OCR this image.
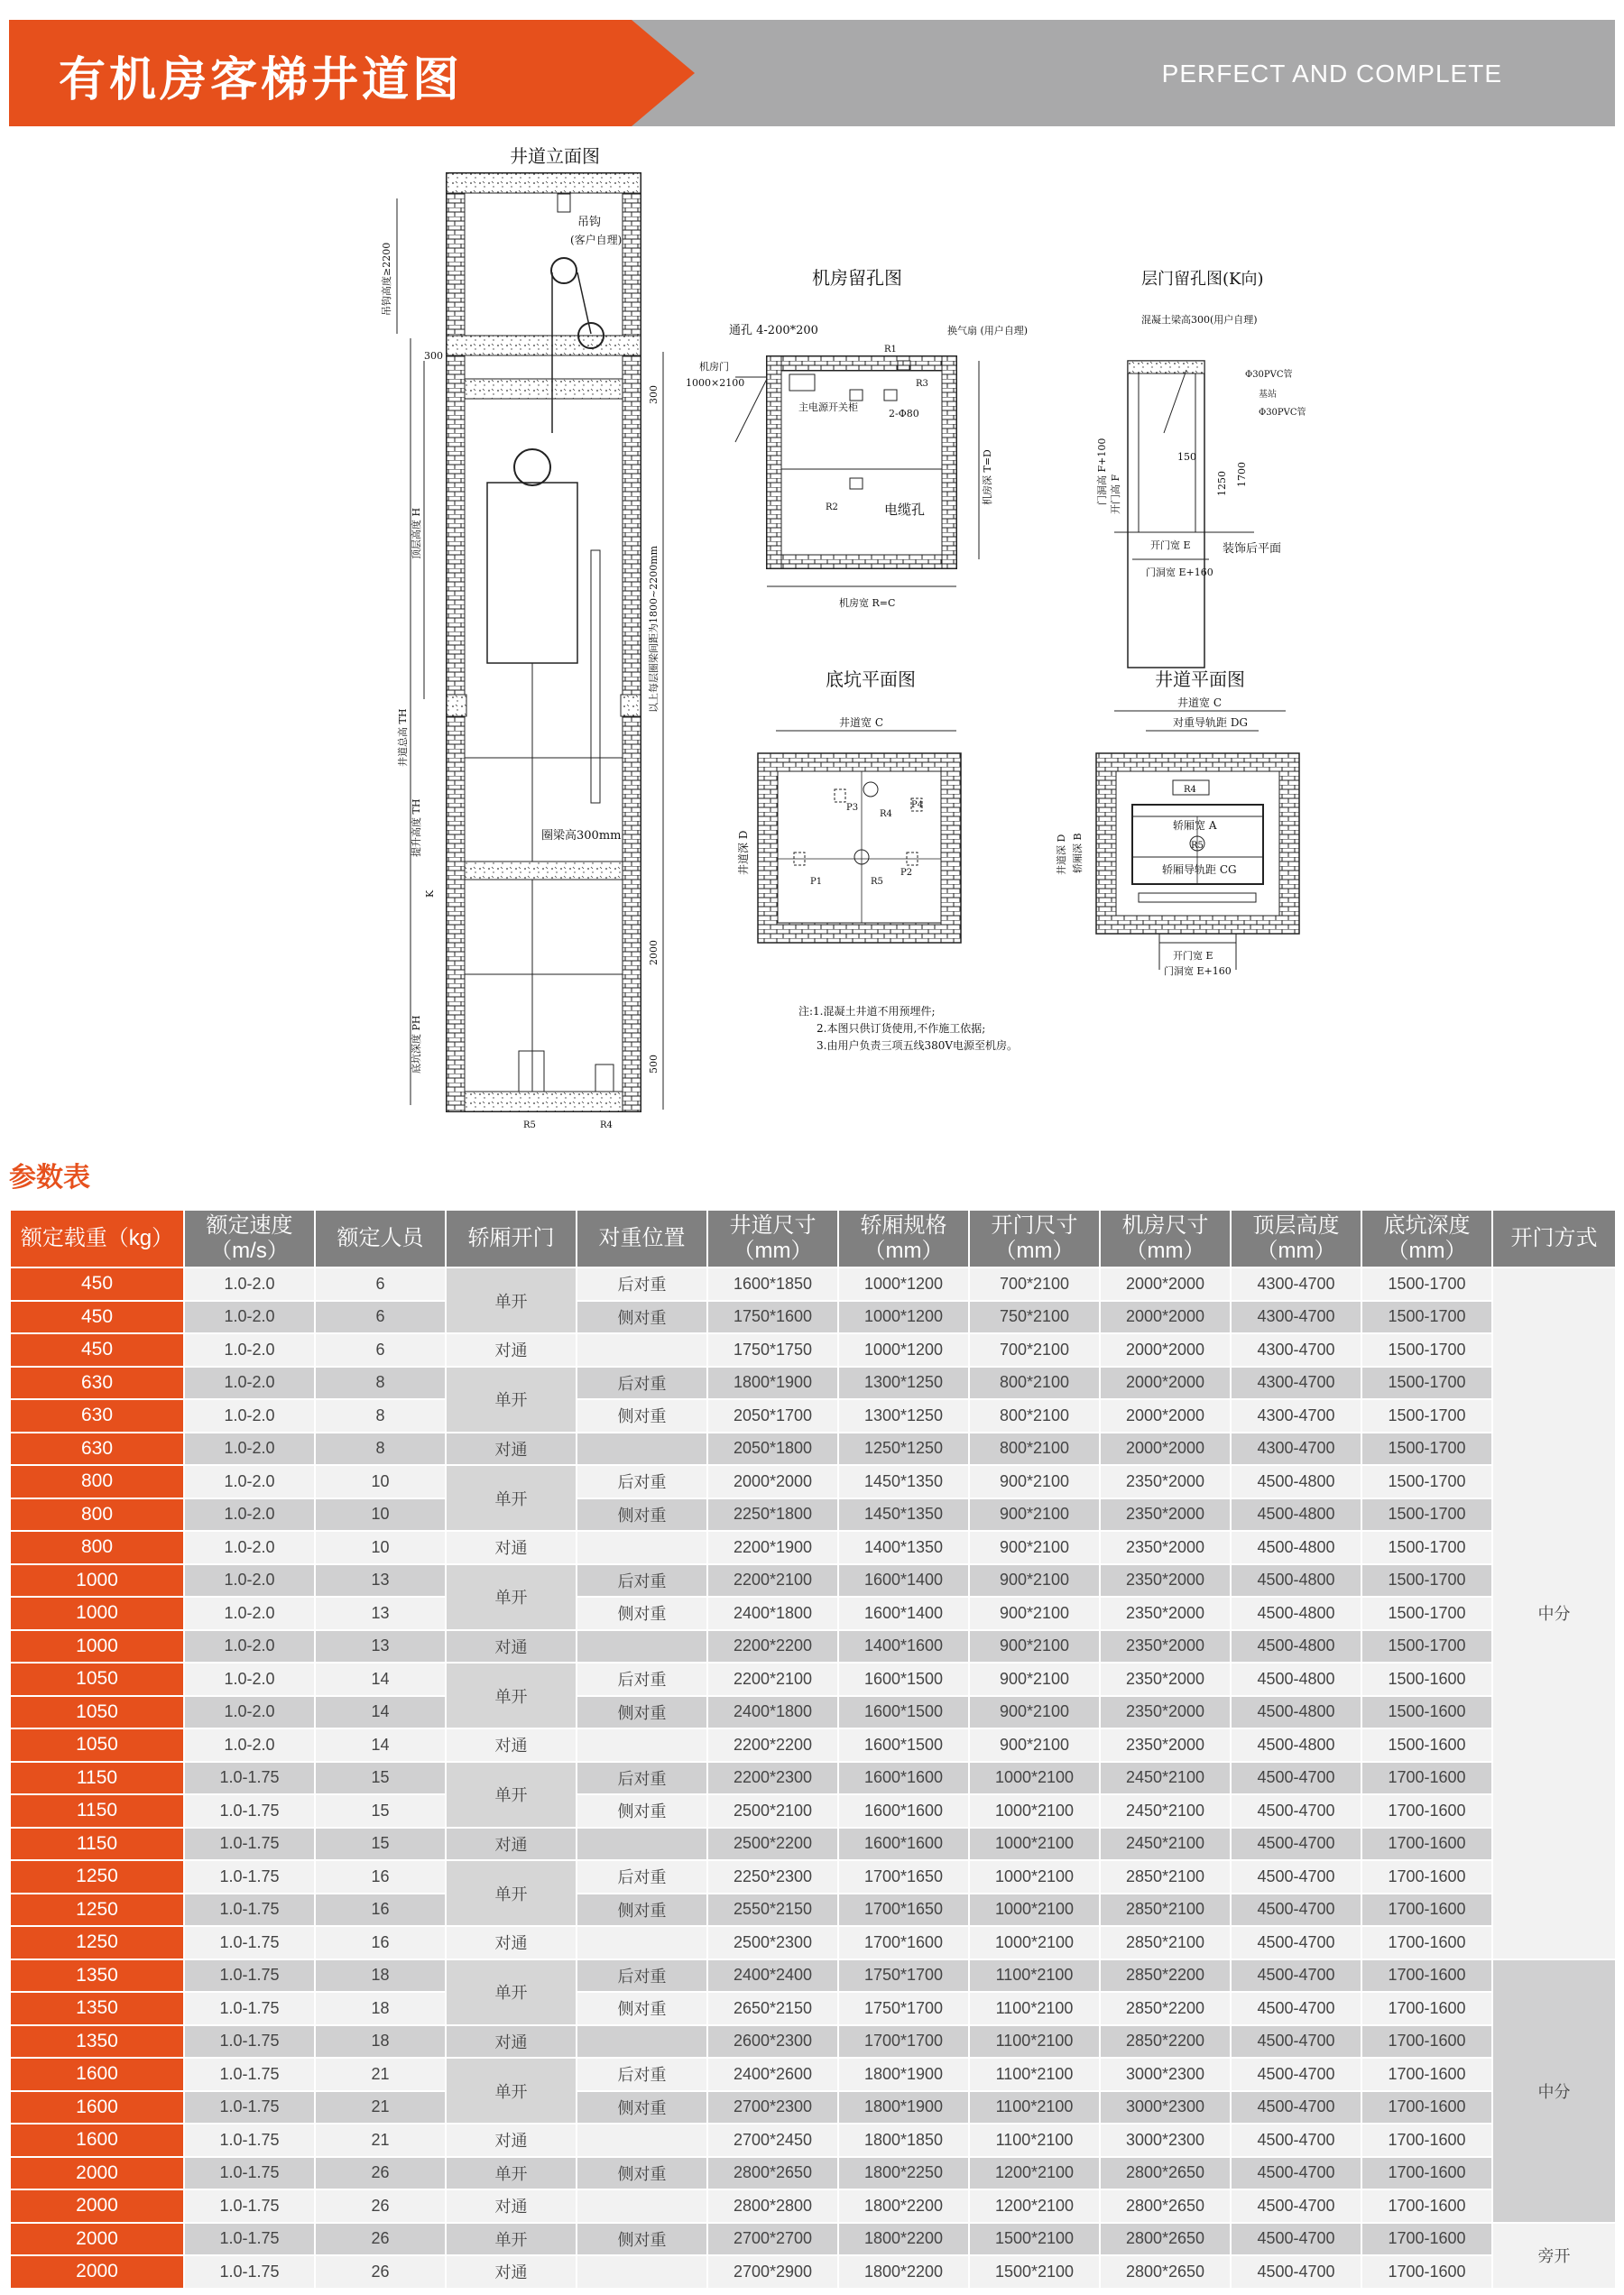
有机房客梯井道图	PERFECT AND COMPLETE
井道立面图
吊钩
(客户自理)
圈梁高300mm
吊钩高度≥2200
顶层高度 H
井道总高 TH
提升高度 TH
底坑深度 PH
300
K
300
以上每层圈梁间距为1800~2200mm
2000
500
R5	R4
机房留孔图
通孔 4-200*200	换气扇 (用户自理)
机房门
1000×2100
主电源开关柜
2-Φ80
电缆孔
机房宽 R=C
机房深 T=D
R1
R2
R3
层门留孔图(K向)
混凝土梁高300(用户自理)
Φ30PVC管
基站
Φ30PVC管
开门高 F
门洞高 F+100	150
1250 1700
开门宽 E
门洞宽 E+160
装饰后平面
底坑平面图
井道宽 C
井道深 D
P1
P2
P3	P4
R4
R5
井道平面图
井道宽 C
对重导轨距 DG
轿厢宽 A
轿厢导轨距 CG
井道深 D 轿厢深 B
开门宽 E
门洞宽 E+160
R4
R5
注:1.混凝土井道不用预埋件;
2.本图只供订货使用,不作施工依据;
3.由用户负责三项五线380V电源至机房。
参数表
额定载重（kg）	额定速度（m/s）	额定人员	轿厢开门	对重位置	井道尺寸（mm）	轿厢规格（mm）	开门尺寸（mm）	机房尺寸（mm）	顶层高度（mm）	底坑深度（mm）	开门方式
450	1.0-2.0	6	单开	后对重	1600*1850	1000*1200	700*2100	2000*2000	4300-4700	1500-1700	中分
450	1.0-2.0	6		侧对重	1750*1600	1000*1200	750*2100	2000*2000	4300-4700	1500-1700	
450	1.0-2.0	6	对通		1750*1750	1000*1200	700*2100	2000*2000	4300-4700	1500-1700	
630	1.0-2.0	8	单开	后对重	1800*1900	1300*1250	800*2100	2000*2000	4300-4700	1500-1700	
630	1.0-2.0	8		侧对重	2050*1700	1300*1250	800*2100	2000*2000	4300-4700	1500-1700	
630	1.0-2.0	8	对通		2050*1800	1250*1250	800*2100	2000*2000	4300-4700	1500-1700	
800	1.0-2.0	10	单开	后对重	2000*2000	1450*1350	900*2100	2350*2000	4500-4800	1500-1700	
800	1.0-2.0	10		侧对重	2250*1800	1450*1350	900*2100	2350*2000	4500-4800	1500-1700	
800	1.0-2.0	10	对通		2200*1900	1400*1350	900*2100	2350*2000	4500-4800	1500-1700	
1000	1.0-2.0	13	单开	后对重	2200*2100	1600*1400	900*2100	2350*2000	4500-4800	1500-1700	
1000	1.0-2.0	13		侧对重	2400*1800	1600*1400	900*2100	2350*2000	4500-4800	1500-1700	
1000	1.0-2.0	13	对通		2200*2200	1400*1600	900*2100	2350*2000	4500-4800	1500-1700	
1050	1.0-2.0	14	单开	后对重	2200*2100	1600*1500	900*2100	2350*2000	4500-4800	1500-1600	
1050	1.0-2.0	14		侧对重	2400*1800	1600*1500	900*2100	2350*2000	4500-4800	1500-1600	
1050	1.0-2.0	14	对通		2200*2200	1600*1500	900*2100	2350*2000	4500-4800	1500-1600	
1150	1.0-1.75	15	单开	后对重	2200*2300	1600*1600	1000*2100	2450*2100	4500-4700	1700-1600	
1150	1.0-1.75	15		侧对重	2500*2100	1600*1600	1000*2100	2450*2100	4500-4700	1700-1600	
1150	1.0-1.75	15	对通		2500*2200	1600*1600	1000*2100	2450*2100	4500-4700	1700-1600	
1250	1.0-1.75	16	单开	后对重	2250*2300	1700*1650	1000*2100	2850*2100	4500-4700	1700-1600	
1250	1.0-1.75	16		侧对重	2550*2150	1700*1650	1000*2100	2850*2100	4500-4700	1700-1600	
1250	1.0-1.75	16	对通		2500*2300	1700*1600	1000*2100	2850*2100	4500-4700	1700-1600	
1350	1.0-1.75	18	单开	后对重	2400*2400	1750*1700	1100*2100	2850*2200	4500-4700	1700-1600	中分
1350	1.0-1.75	18		侧对重	2650*2150	1750*1700	1100*2100	2850*2200	4500-4700	1700-1600	
1350	1.0-1.75	18	对通		2600*2300	1700*1700	1100*2100	2850*2200	4500-4700	1700-1600	
1600	1.0-1.75	21	单开	后对重	2400*2600	1800*1900	1100*2100	3000*2300	4500-4700	1700-1600	
1600	1.0-1.75	21		侧对重	2700*2300	1800*1900	1100*2100	3000*2300	4500-4700	1700-1600	
1600	1.0-1.75	21	对通		2700*2450	1800*1850	1100*2100	3000*2300	4500-4700	1700-1600	
2000	1.0-1.75	26	单开	侧对重	2800*2650	1800*2250	1200*2100	2800*2650	4500-4700	1700-1600	
2000	1.0-1.75	26	对通		2800*2800	1800*2200	1200*2100	2800*2650	4500-4700	1700-1600	
2000	1.0-1.75	26	单开	侧对重	2700*2700	1800*2200	1500*2100	2800*2650	4500-4700	1700-1600	旁开
2000	1.0-1.75	26	对通		2700*2900	1800*2200	1500*2100	2800*2650	4500-4700	1700-1600	
